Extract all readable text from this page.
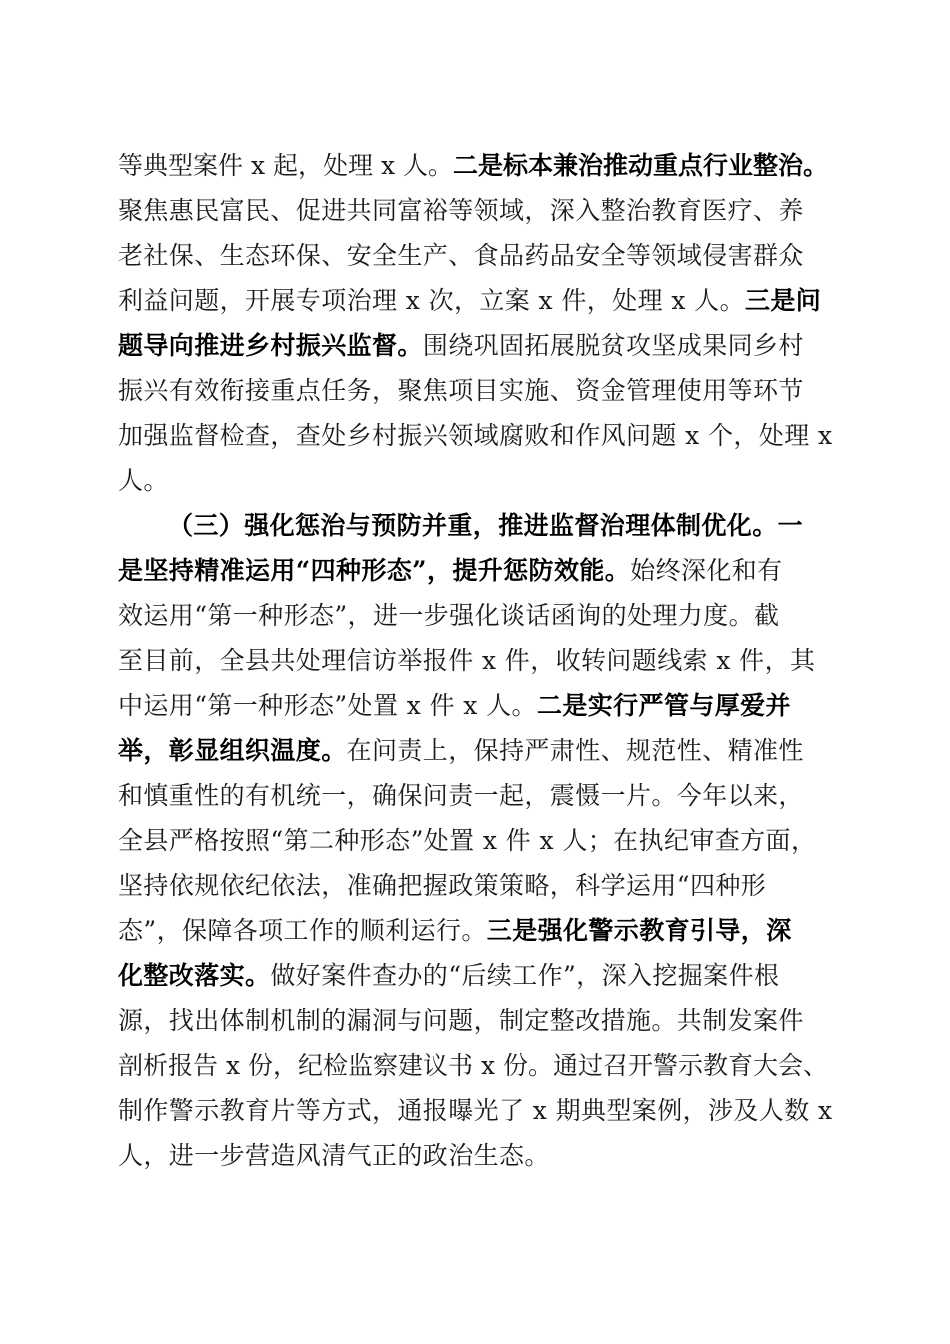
等典型案件 x 起，处理 x 人。二是标本兼治推动重点行业整治。
聚焦惠民富民、促进共同富裕等领域，深入整治教育医疗、养
老社保、生态环保、安全生产、食品药品安全等领域侵害群众
利益问题，开展专项治理 x 次，立案 x 件，处理 x 人。三是问
题导向推进乡村振兴监督。围绕巩固拓展脱贫攻坚成果同乡村
振兴有效衔接重点任务，聚焦项目实施、资金管理使用等环节
加强监督检查，查处乡村振兴领域腐败和作风问题 x 个，处理 x
人。
（三）强化惩治与预防并重，推进监督治理体制优化。一
是坚持精准运用“四种形态”，提升惩防效能。始终深化和有
效运用“第一种形态”，进一步强化谈话函询的处理力度。截
至目前，全县共处理信访举报件 x 件，收转问题线索 x 件，其
中运用“第一种形态”处置 x 件 x 人。二是实行严管与厚爱并
举，彰显组织温度。在问责上，保持严肃性、规范性、精准性
和慎重性的有机统一，确保问责一起，震慑一片。今年以来，
全县严格按照“第二种形态”处置 x 件 x 人；在执纪审查方面，
坚持依规依纪依法，准确把握政策策略，科学运用“四种形
态”，保障各项工作的顺利运行。三是强化警示教育引导，深
化整改落实。做好案件查办的“后续工作”，深入挖掘案件根
源，找出体制机制的漏洞与问题，制定整改措施。共制发案件
剖析报告 x 份，纪检监察建议书 x 份。通过召开警示教育大会、
制作警示教育片等方式，通报曝光了 x 期典型案例，涉及人数 x
人，进一步营造风清气正的政治生态。
